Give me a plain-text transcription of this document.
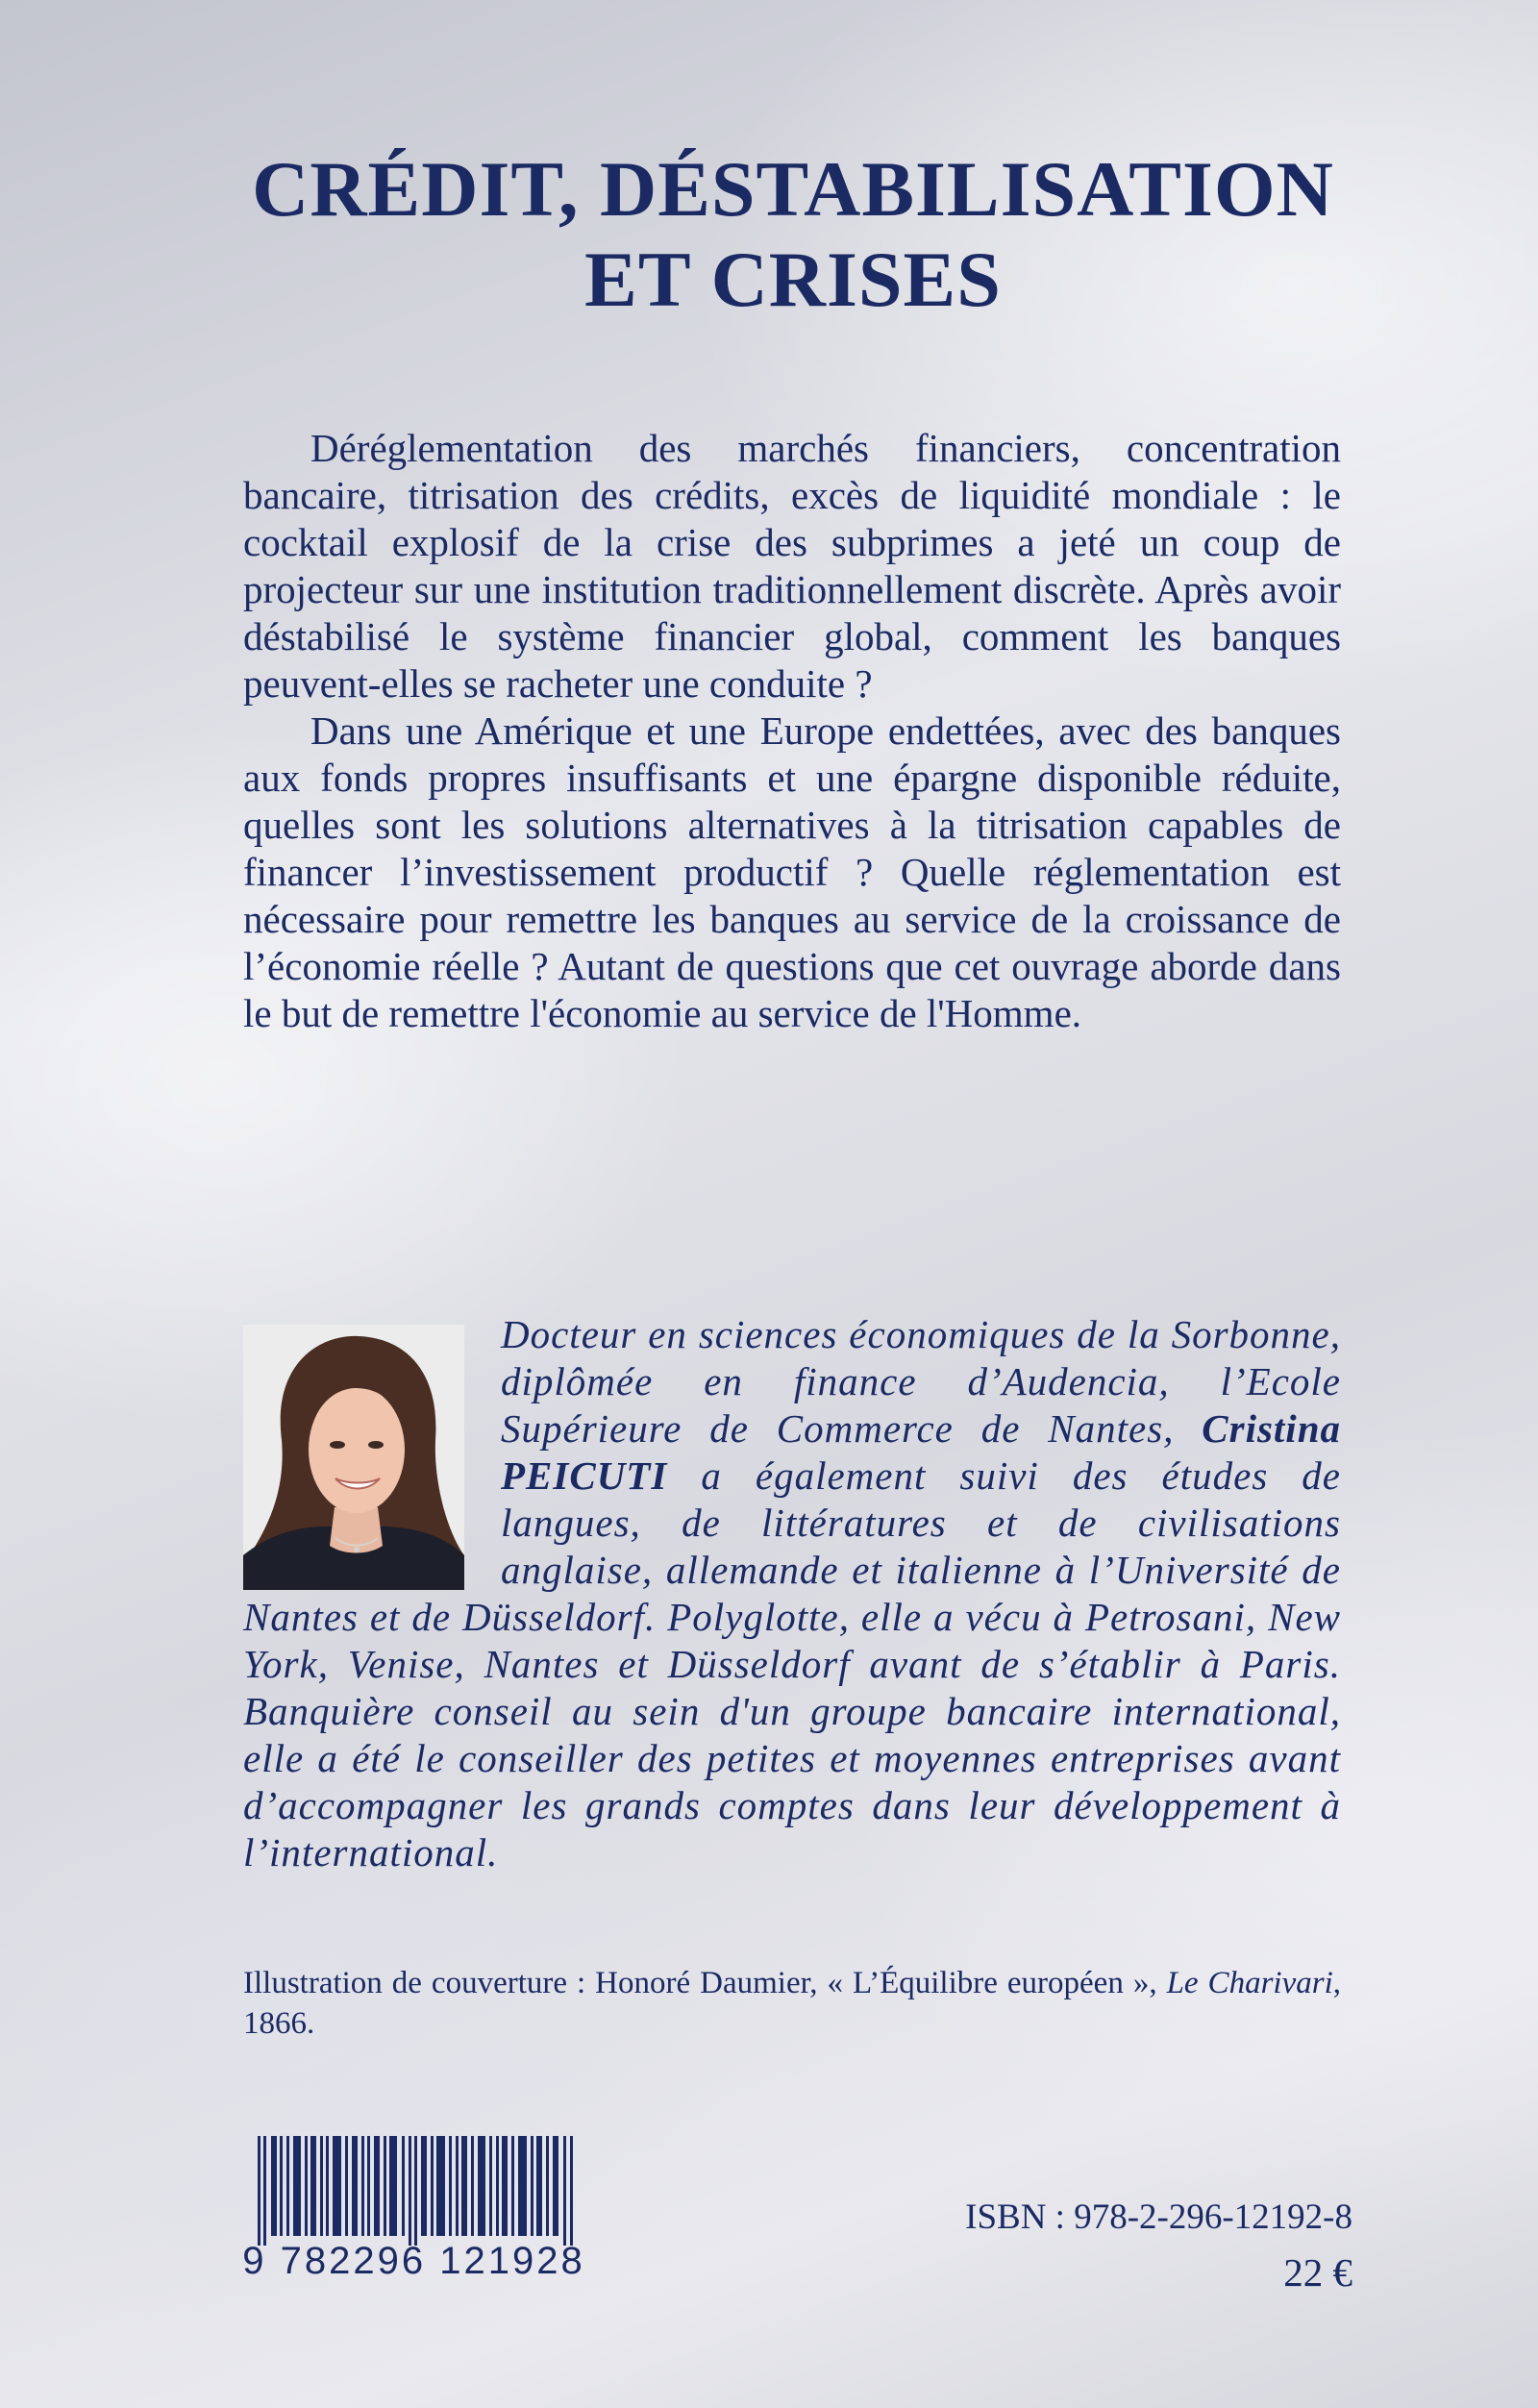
CRÉDIT, DÉSTABILISATION
ET CRISES

Déréglementation des marchés financiers, concentration bancaire, titrisation des crédits, excès de liquidité mondiale : le cocktail explosif de la crise des subprimes a jeté un coup de projecteur sur une institution traditionnellement discrète. Après avoir déstabilisé le système financier global, comment les banques peuvent-elles se racheter une conduite ?

Dans une Amérique et une Europe endettées, avec des banques aux fonds propres insuffisants et une épargne disponible réduite, quelles sont les solutions alternatives à la titrisation capables de financer l’investissement productif ? Quelle réglementation est nécessaire pour remettre les banques au service de la croissance de l’économie réelle ? Autant de questions que cet ouvrage aborde dans le but de remettre l'économie au service de l'Homme.

Docteur en sciences économiques de la Sorbonne, diplômée en finance d’Audencia, l’Ecole Supérieure de Commerce de Nantes, Cristina PEICUTI a également suivi des études de langues, de littératures et de civilisations anglaise, allemande et italienne à l’Université de Nantes et de Düsseldorf. Polyglotte, elle a vécu à Petrosani, New York, Venise, Nantes et Düsseldorf avant de s’établir à Paris. Banquière conseil au sein d'un groupe bancaire international, elle a été le conseiller des petites et moyennes entreprises avant d’accompagner les grands comptes dans leur développement à l’international.
Illustration de couverture : Honoré Daumier, « L’Équilibre européen », Le Charivari, 1866.
9 782296 121928
ISBN : 978-2-296-12192-8
22 €
